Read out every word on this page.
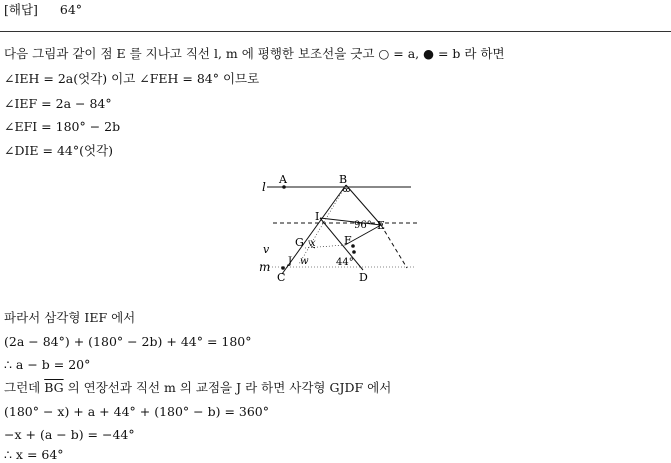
[해답] 64°
다음 그림과 같이 점 E 를 지나고 직선 l, m 에 평행한 보조선을 긋고 ○ = a, ● = b 라 하면
∠IEH = 2a(엇각) 이고 ∠FEH = 84° 이므로
∠IEF = 2a − 84°
∠EFI = 180° − 2b
∠DIE = 44°(엇각)
l
A	B
I
96° E
F
G x
v
m J w	44°
C	D
파라서 삼각형 IEF 에서
(2a − 84°) + (180° − 2b) + 44° = 180°
∴ a − b = 20°
그런데 $\overline{BG}$ 의 연장선과 직선 m 의 교점을 J 라 하면 사각형 GJDF 에서
(180° − x) + a + 44° + (180° − b) = 360°
−x + (a − b) = −44°
∴ x = 64°
